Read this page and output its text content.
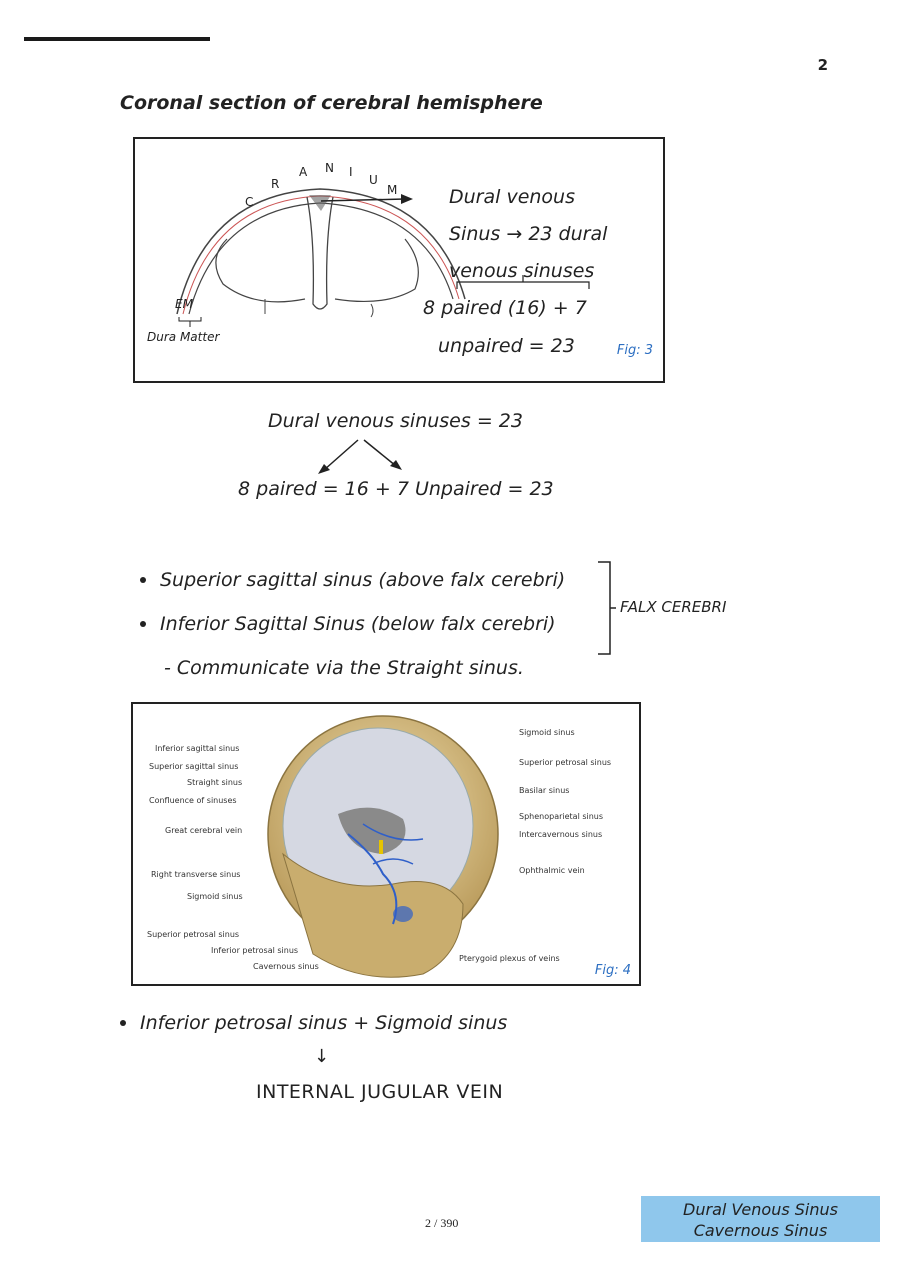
2
Coronal section of cerebral hemisphere
C
R
A N I
U
M	Dural venous
Sinus → 23 dural
venous sinuses
8 paired (16) + 7
unpaired = 23
EM
Dura Matter
Fig: 3
Dural venous sinuses = 23
8 paired = 16 + 7 Unpaired = 23
Superior sagittal sinus (above falx cerebri)
Inferior Sagittal Sinus (below falx cerebri)
- Communicate via the Straight sinus.
FALX CEREBRI
Inferior sagittal sinus
Superior sagittal sinus
Straight sinus
Confluence of sinuses
Great cerebral vein
Right transverse sinus
Sigmoid sinus
Superior petrosal sinus
Inferior petrosal sinus
Cavernous sinus
Sigmoid sinus
Superior petrosal sinus
Basilar sinus
Sphenoparietal sinus
Intercavernous sinus
Ophthalmic vein
Pterygoid plexus of veins
Fig: 4
Inferior petrosal sinus + Sigmoid sinus
↓
INTERNAL JUGULAR VEIN
2 / 390
Dural Venous Sinus
Cavernous Sinus
